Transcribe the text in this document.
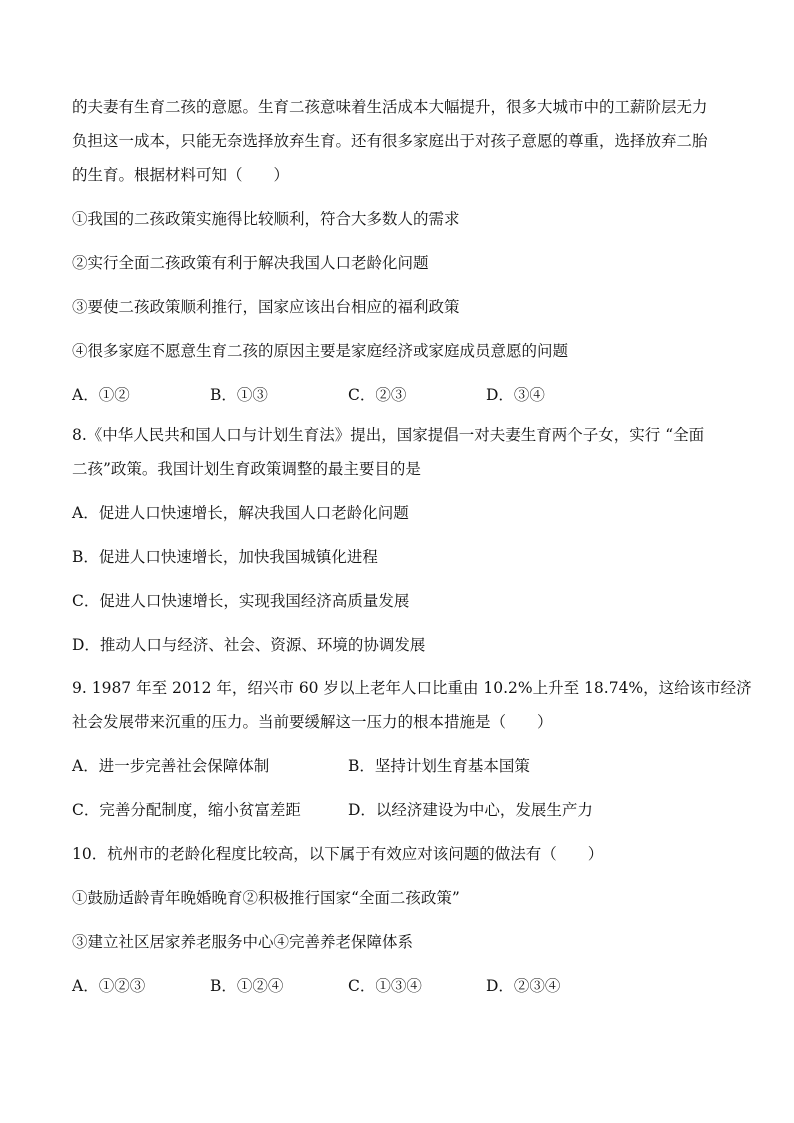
的夫妻有生育二孩的意愿。生育二孩意味着生活成本大幅提升，很多大城市中的工薪阶层无力

负担这一成本，只能无奈选择放弃生育。还有很多家庭出于对孩子意愿的尊重，选择放弃二胎

的生育。根据材料可知（　　）

①我国的二孩政策实施得比较顺利，符合大多数人的需求

②实行全面二孩政策有利于解决我国人口老龄化问题

③要使二孩政策顺利推行，国家应该出台相应的福利政策

④很多家庭不愿意生育二孩的原因主要是家庭经济或家庭成员意愿的问题

A．①②	B．①③	C．②③	D．③④

8.《中华人民共和国人口与计划生育法》提出，国家提倡一对夫妻生育两个子女，实行 “全面

二孩”政策。我国计划生育政策调整的最主要目的是

A．促进人口快速增长，解决我国人口老龄化问题

B．促进人口快速增长，加快我国城镇化进程

C．促进人口快速增长，实现我国经济高质量发展

D．推动人口与经济、社会、资源、环境的协调发展

9. 1987 年至 2012 年，绍兴市 60 岁以上老年人口比重由 10.2%上升至 18.74%，这给该市经济

社会发展带来沉重的压力。当前要缓解这一压力的根本措施是（　　）

A．进一步完善社会保障体制	B．坚持计划生育基本国策
C．完善分配制度，缩小贫富差距	D．以经济建设为中心，发展生产力

10．杭州市的老龄化程度比较高，以下属于有效应对该问题的做法有（　　）

①鼓励适龄青年晚婚晚育②积极推行国家“全面二孩政策”

③建立社区居家养老服务中心④完善养老保障体系

A．①②③	B．①②④	C．①③④	D．②③④
